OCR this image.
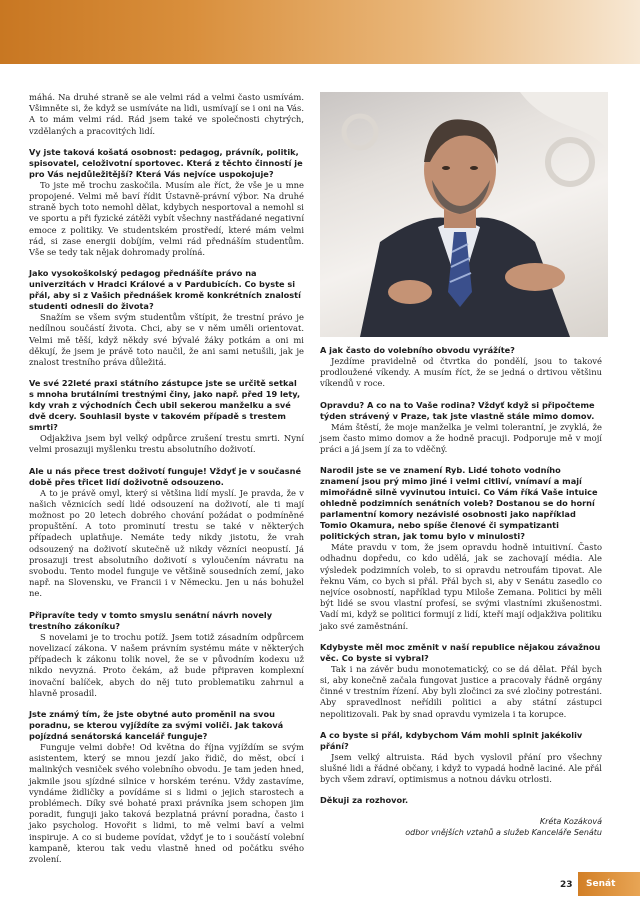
máhá. Na druhé straně se ale velmi rád a velmi často usmívám. Všimněte si, že když se usmíváte na lidi, usmívají se i oni na Vás. A to mám velmi rád. Rád jsem také ve společnosti chytrých, vzdělaných a pracovitých lidí.

Vy jste taková košatá osobnost: pedagog, právník, politik, spisovatel, celoživotní sportovec. Která z těchto činností je pro Vás nejdůležitější? Která Vás nejvíce uspokojuje?

To jste mě trochu zaskočila. Musím ale říct, že vše je u mne propojené. Velmi mě baví řídit Ústavně-právní výbor. Na druhé straně bych toto nemohl dělat, kdybych nesportoval a nemohl si ve sportu a při fyzické zátěži vybít všechny nastřádané negativní emoce z politiky. Ve studentském prostředí, které mám velmi rád, si zase energii dobíjím, velmi rád přednáším studentům. Vše se tedy tak nějak dohromady prolíná.

Jako vysokoškolský pedagog přednášíte právo na univerzitách v Hradci Králové a v Pardubicích. Co byste si přál, aby si z Vašich přednášek kromě konkrétních znalostí studenti odnesli do života?

Snažím se všem svým studentům vštípit, že trestní právo je nedílnou součástí života. Chci, aby se v něm uměli orientovat. Velmi mě těší, když někdy své bývalé žáky potkám a oni mi děkují, že jsem je právě toto naučil, že ani sami netušili, jak je znalost trestního práva důležitá.

Ve své 22leté praxi státního zástupce jste se určitě setkal s mnoha brutálními trestnými činy, jako např. před 19 lety, kdy vrah z východních Čech ubil sekerou manželku a své dvě dcery. Souhlasil byste v takovém případě s trestem smrti?

Odjakživa jsem byl velký odpůrce zrušení trestu smrti. Nyní velmi prosazuji myšlenku trestu absolutního doživotí.

Ale u nás přece trest doživotí funguje! Vždyť je v současné době přes třicet lidí doživotně odsouzeno.

A to je právě omyl, který si většina lidí myslí. Je pravda, že v našich věznicích sedí lidé odsouzení na doživotí, ale ti mají možnost po 20 letech dobrého chování požádat o podmíněné propuštění. A toto prominutí trestu se také v některých případech uplatňuje. Nemáte tedy nikdy jistotu, že vrah odsouzený na doživotí skutečně už nikdy vězníci neopustí. Já prosazuji trest absolutního doživotí s vyloučením návratu na svobodu. Tento model funguje ve většině sousedních zemí, jako např. na Slovensku, ve Francii i v Německu. Jen u nás bohužel ne.

Připravíte tedy v tomto smyslu senátní návrh novely trestního zákoníku?

S novelami je to trochu potíž. Jsem totiž zásadním odpůrcem novelizací zákona. V našem právním systému máte v některých případech k zákonu tolik novel, že se v původním kodexu už nikdo nevyzná. Proto čekám, až bude připraven komplexní inovační balíček, abych do něj tuto problematiku zahrnul a hlavně prosadil.

Jste známý tím, že jste obytné auto proměnil na svou poradnu, se kterou vyjíždíte za svými voliči. Jak taková pojízdná senátorská kancelář funguje?

Funguje velmi dobře! Od května do října vyjíždím se svým asistentem, který se mnou jezdí jako řidič, do měst, obcí i malinkých vesniček svého volebního obvodu. Je tam jeden hned, jakmile jsou sjízdné silnice v horském terénu. Vždy zastavíme, vyndáme židličky a povídáme si s lidmi o jejich starostech a problémech. Díky své bohaté praxi právníka jsem schopen jim poradit, funguji jako taková bezplatná právní poradna, často i jako psycholog. Hovořit s lidmi, to mě velmi baví a velmi inspiruje. A co si budeme povídat, vždyť je to i součástí volební kampaně, kterou tak vedu vlastně hned od počátku svého zvolení.

A jak často do volebního obvodu vyrážíte?

Jezdíme pravidelně od čtvrtka do pondělí, jsou to takové prodloužené víkendy. A musím říct, že se jedná o drtivou většinu víkendů v roce.

Opravdu? A co na to Vaše rodina? Vždyť když si připočteme týden strávený v Praze, tak jste vlastně stále mimo domov.

Mám štěstí, že moje manželka je velmi tolerantní, je zvyklá, že jsem často mimo domov a že hodně pracuji. Podporuje mě v mojí práci a já jsem jí za to vděčný.

Narodil jste se ve znamení Ryb. Lidé tohoto vodního znamení jsou prý mimo jiné i velmi citliví, vnímaví a mají mimořádně silně vyvinutou intuici. Co Vám říká Vaše intuice ohledně podzimních senátních voleb? Dostanou se do horní parlamentní komory nezávislé osobnosti jako například Tomio Okamura, nebo spíše členové či sympatizanti politických stran, jak tomu bylo v minulosti?

Máte pravdu v tom, že jsem opravdu hodně intuitivní. Často odhadnu dopředu, co kdo udělá, jak se zachovají média. Ale výsledek podzimních voleb, to si opravdu netroufám tipovat. Ale řeknu Vám, co bych si přál. Přál bych si, aby v Senátu zasedlo co nejvíce osobností, například typu Miloše Zemana. Politici by měli být lidé se svou vlastní profesí, se svými vlastními zkušenostmi. Vadí mi, když se politici formují z lidí, kteří mají odjakživa politiku jako své zaměstnání.

Kdybyste měl moc změnit v naší republice nějakou závažnou věc. Co byste si vybral?

Tak i na závěr budu monotematický, co se dá dělat. Přál bych si, aby konečně začala fungovat justice a pracovaly řádně orgány činné v trestním řízení. Aby byli zločinci za své zločiny potrestáni. Aby spravedlnost neřídili politici a aby státní zástupci nepolitizovali. Pak by snad opravdu vymizela i ta korupce.

A co byste si přál, kdybychom Vám mohli splnit jakékoliv přání?

Jsem velký altruista. Rád bych vyslovil přání pro všechny slušné lidi a řádné občany, i když to vypadá hodně laciné. Ale přál bych všem zdraví, optimismus a notnou dávku otrlosti.

Děkuji za rozhovor.

Kréta Kozáková
odbor vnějších vztahů a služeb Kanceláře Senátu
23	Senát
